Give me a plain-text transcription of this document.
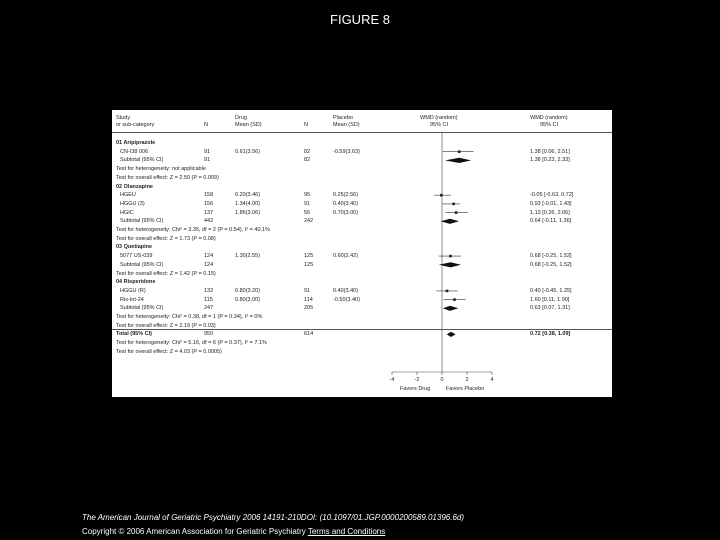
FIGURE 8
Study
or sub-category
Drug
N	Mean (SD)
Placebo
N	Mean (SD)
WMD (random)
95% CI
WMD (random)
95% CI
01 Aripiprazole
CN-I38 006	91	0.61(3.56)	82	-0.59(3.63)	1.38 [0.06, 2.51]
Subtotal (95% CI)	91	82	1.38 [0.23, 2.33]
Test for heterogeneity: not applicable
Test for overall effect: Z = 2.50 (P = 0.009)
02 Olanzapine
HGEU	158	0.20(3.46)	95	0.25(2.56)	-0.05 [-0.63, 0.72]
HGGU (3)	156	1.34(4.00)	91	0.40(3.40)	0.93 [-0.01, 1.43]
HGIC	137	1.86(3.06)	56	0.70(3.00)	1.13 [0.26, 2.06]
Subtotal (95% CI)	442	242	0.64 [-0.11, 1.36]
Test for heterogeneity: Chi² = 3.35, df = 2 (P = 0.54), I² = 40.1%
Test for overall effect: Z = 1.73 (P = 0.08)
03 Quetiapine
5077 US-039	124	1.30(2.55)	125	0.60(2.42)	0.68 [-0.25, 1.52]
Subtotal (95% CI)	124	125	0.68 [-0.25, 1.52]
Test for overall effect: Z = 1.42 (P = 0.15)
04 Risperidone
HGGU (R)	132	0.80(3.20)	91	0.40(3.40)	0.40 [-0.45, 1.25]
Ris-Int-24	115	0.80(3.00)	114	-0.50(3.40)	1.60 [0.11, 1.90]
Subtotal (95% CI)	247	205	0.63 [0.07, 1.31]
Test for heterogeneity: Chi² = 0.38, df = 1 (P = 0.34), I² = 0%
Test for overall effect: Z = 2.19 (P = 0.03)
Total (95% CI)	950	614	0.72 [0.38, 1.09]
Test for heterogeneity: Chi² = 5.16, df = 6 (P = 0.37), I² = 7.1%
Test for overall effect: Z = 4.03 (P = 0.0005)
-4	-2	0	2	4
Favors Drug	Favors Placebo
The American Journal of Geriatric Psychiatry 2006 14191-210DOI: (10.1097/01.JGP.0000200589.01396.6d)
Copyright © 2006 American Association for Geriatric Psychiatry Terms and Conditions
